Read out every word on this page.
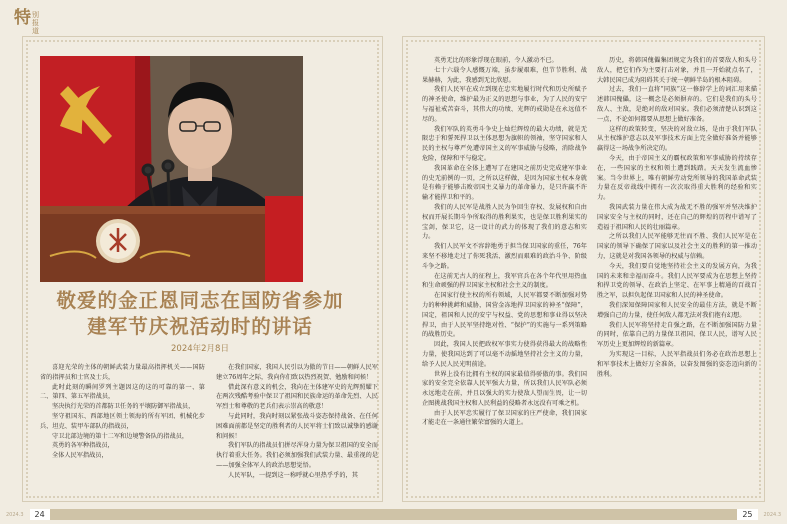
特 别
报
道
敬爱的金正恩同志在国防省参加
建军节庆祝活动时的讲话
2024年2月8日

喜迎光荣的主体的朝鲜武装力量最高指挥机关——国防省的指挥员和士官及士兵，

此时此刻的瞬间罗列主题因这的这的可靠的第一、第二、第四、第五军指战员，

坚决执行光荣的首都防卫任务的平壤防御军指战员，

坚守祖国东、西部地区领土领海的所有军团、机械化步兵、坦克、装甲车部队的指战员，

守卫北部边境的第十二军和边境警备队的指战员，

英勇的各军种指战员，

全体人民军指战员，

在我们国家，我国人民引以为傲的节日——朝鲜人民军建立76周年之际，我向你们致以热烈祝贺、勉励和问候！

借此深有意义的机会，我向在主体建军史的光辉照耀下在两次残酷考验中保卫了祖国和民族命运的革命先烈、人民军烈士和尊敬的老兵们表示崇高的敬意！

与此同时，我向时刻以紧张战斗姿态保持战备、在任何困难面前都是坚定的胜利者的人民军将士们致以诚挚的感谢和问候！

我们军队的指战员们拼尽浑身力量为保卫祖国的安全而执行着重大任务。我们必须加强我们武装力量、最重视的是——加强全体军人的政治思想觉悟。

人民军队，一提到这一称呼就心里热乎乎的，其

2024.3	24

英勇无比的形象浮现在眼前，令人激动不已。

七十六载令人感慨万端，虽步履艰难，但节节胜利、战果赫赫，为此，我感到无比欣慰。

我们人民军在成立到现在忠实地履行时代和历史所赋予的神圣使命，维护最为正义的思想与事业，为了人民的安宁与福祉戒苦奋斗，其伟大的功绩、光辉的戒勋是在永远值不尽的。

我们军队的英勇斗争史上灿烂辉煌的最大功绩，就是无限忠于和誓死捍卫以主体思想为旗帜的领袖，坚守国家和人民的主权与尊严免遭帝国主义的军事威胁与侵略，消除战争危险，保障和平与稳定。

我国革命在全体上遭写了在建国之前历史完成建军事业的史无前例的一页，之所以这样做，是因为国家主权本身就是有赖于能够击败帝国主义暴力的革命暴力，是只许赢不许输才能捍卫和平的。

我们的人民军是战胜人民为争回生存权、发展权和自由权而开展长期斗争所取得的胜利果实，也是保卫胜利果实的宝剑，保卫它，这一设计的武力的体现了我们的意志和实力。

我们人民军文不容辞地勇于担当保卫国家的重任，76年来坚不移地走过了你死我活、激烈而艰难的政治斗争、阶级斗争之路。

在这前无古人的征程上，我军官兵在各个年代里用热血和生命顽强的捍卫国家主权和社会主义的制度。

在国家行使主权的所有领域，人民军都要不断加强对势力的种种挑衅和威胁，国营金冻地捍卫国家的神圣“保障”，国定，祖国和人民的安宁与权益、党的思想和事业得以坚决捍卫，由于人民军坚持绝对性、“保护”的实施与一系列策略的战胜历史。

因此，我国人民把政权军事实力使得获得最大的战略性力量，使我国达到了可以毫不动摇地坚持社会主义的力量，给予人民人民光明前途。

世界上没有比拥有主权的国家最值得骄傲的事。我们国家的安全完全依靠人民军强大力量，所以我们人民军队必须永远地走在前，并且以强大的实力使敌人望而生畏，让一切企图挑战我国主权和人民利益的侵略者永远没有可乘之机。

由于人民军忠实履行了保卫国家的庄严使命，我们国家才能走在一条通往繁荣富强的大道上。

历史，将韩国傀儡集团规定为我们的首要敌人和头号敌人，把它们作为主要打击对象，并且一开始就点名了，大韩民国已成为阻碍其关于统一朝鲜半岛的根本阻碍。

过去，我们一直将“同族”这一修辞学上的词汇用来描述韩国傀儡，这一概念是必须摒弃的。它们是我们的头号敌人、主敌，是绝对的敌对国家。我们必须清楚认识到这一点，不论如何都要从思想上做好准备。

这样的政策转变，坚决的对敌立场，是由于我们军队从主权维护意志以及军事技术方面上完全做好准备并能够赢得这一场战争所决定的。

今天，由于帝国主义的霸权政策和军事威胁的持续存在，一些国家的主权和领土遭到践踏。天天发生流血惨案。当今世界上，唯有朝鲜劳动党所领导的我国革命武装力量在反帝战线中拥有一次次取得重大胜利的经验和实力。

我国武装力量在伟大成为战无不胜的强军并坚决维护国家安全与主权的同时，还在自己的辉煌的历程中谱写了造福于祖国和人民的壮丽篇章。

之所以我们人民军能够无往而不胜、我们人民军是在国家的领导下确保了国家以及社会主义的胜利的第一推动力，这就是对我国各领导的权威与信赖。

今天，我们要自觉地坚持社会主义的发展方向，为我国的未来和幸福而奋斗。我们人民军要成为在思想上坚持和捍卫党的领导、在政治上坚定、在军事上精通的百战百胜之军，以担负起保卫国家和人民的神圣使命。

我们深知保障国家和人民安全的最佳方法，就是不断增强自己的力量，使任何敌人都无法对我们抱有幻想。

我们人民军将坚持走自强之路，在不断加强国防力量的同时，依靠自己的力量保卫祖国、保卫人民，谱写人民军历史上更加辉煌的新篇章。

为实现这一目标，人民军指战员们务必在政治思想上和军事技术上做好万全准备，以奋发图强的姿态迈向新的胜利。

25	2024.3
